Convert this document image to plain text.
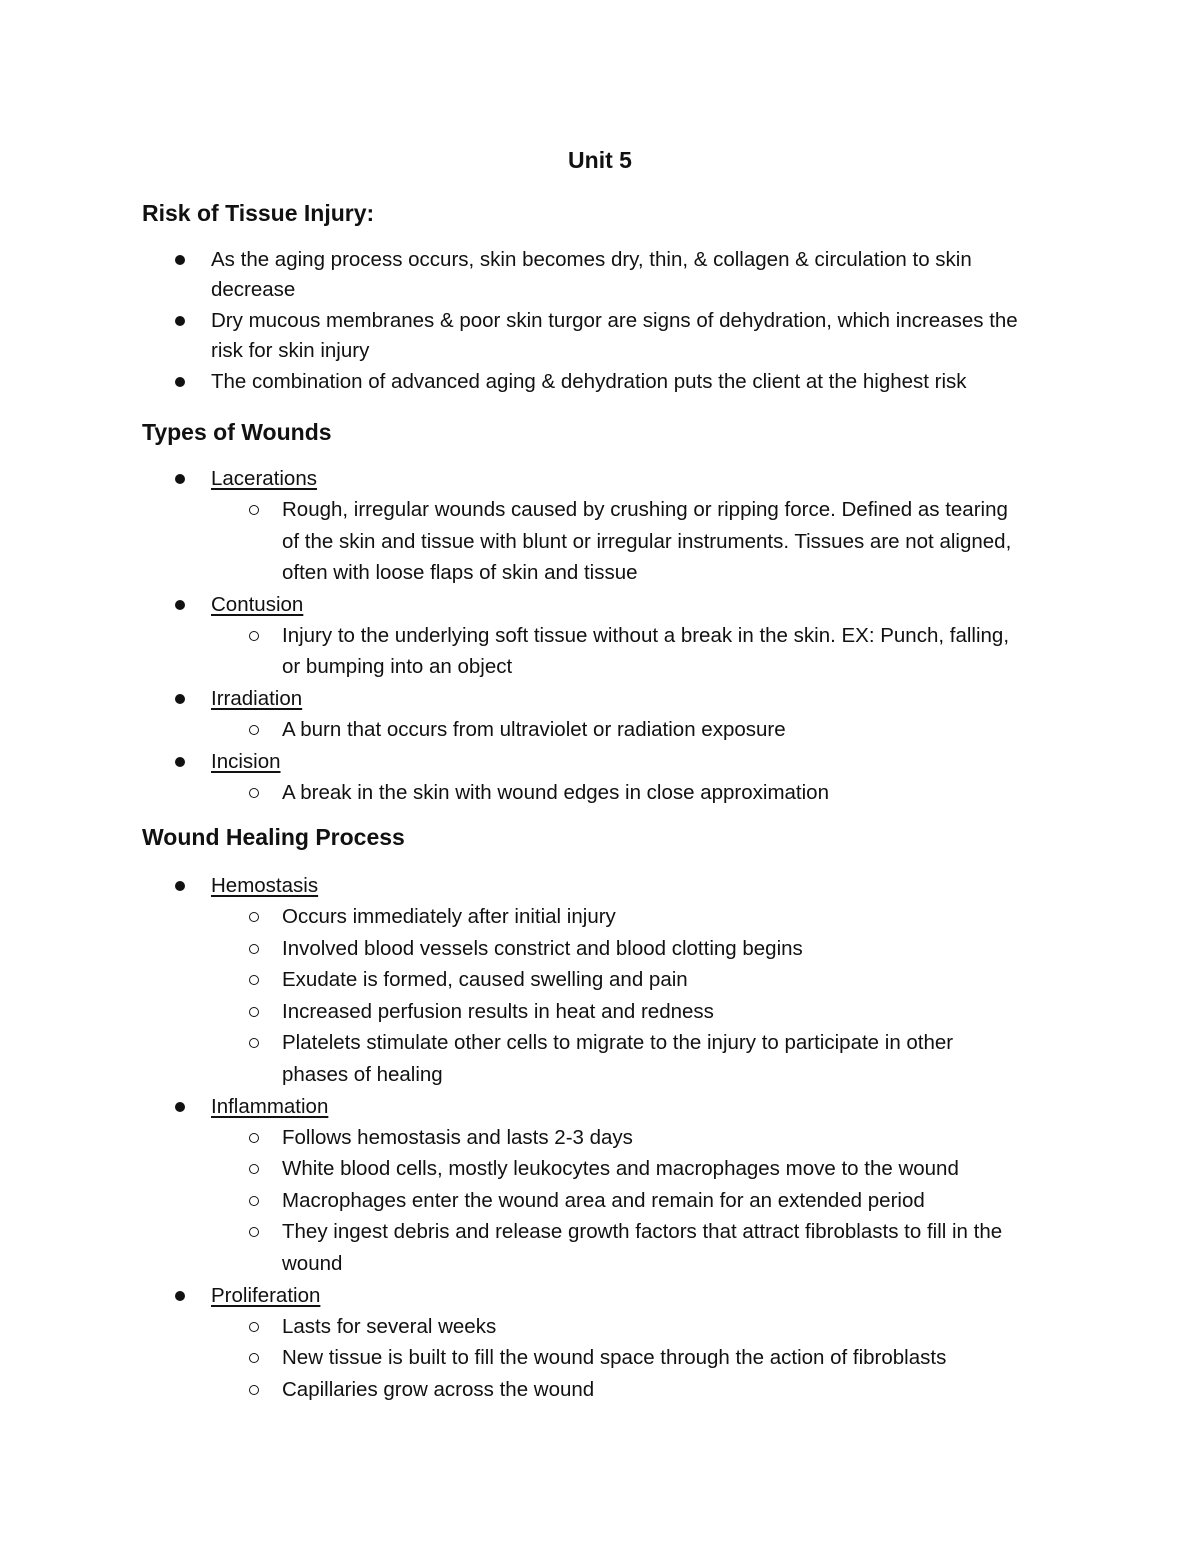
Unit 5
Risk of Tissue Injury:
As the aging process occurs, skin becomes dry, thin, & collagen & circulation to skin
decrease
Dry mucous membranes & poor skin turgor are signs of dehydration, which increases the
risk for skin injury
The combination of advanced aging & dehydration puts the client at the highest risk
Types of Wounds
Lacerations
Rough, irregular wounds caused by crushing or ripping force. Defined as tearing
of the skin and tissue with blunt or irregular instruments. Tissues are not aligned,
often with loose flaps of skin and tissue
Contusion
Injury to the underlying soft tissue without a break in the skin. EX: Punch, falling,
or bumping into an object
Irradiation
A burn that occurs from ultraviolet or radiation exposure
Incision
A break in the skin with wound edges in close approximation
Wound Healing Process
Hemostasis
Occurs immediately after initial injury
Involved blood vessels constrict and blood clotting begins
Exudate is formed, caused swelling and pain
Increased perfusion results in heat and redness
Platelets stimulate other cells to migrate to the injury to participate in other
phases of healing
Inflammation
Follows hemostasis and lasts 2-3 days
White blood cells, mostly leukocytes and macrophages move to the wound
Macrophages enter the wound area and remain for an extended period
They ingest debris and release growth factors that attract fibroblasts to fill in the
wound
Proliferation
Lasts for several weeks
New tissue is built to fill the wound space through the action of fibroblasts
Capillaries grow across the wound
